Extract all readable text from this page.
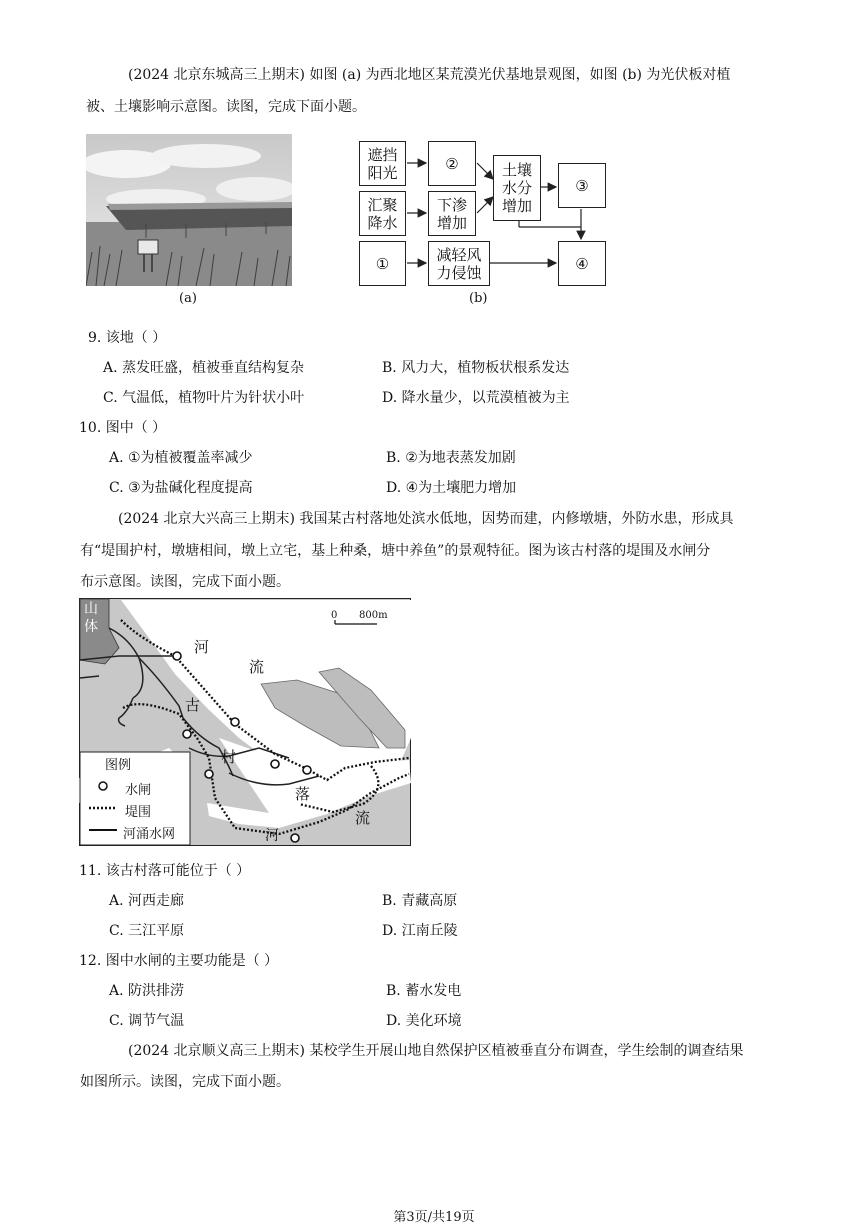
(2024 北京东城高三上期末) 如图 (a) 为西北地区某荒漠光伏基地景观图，如图 (b) 为光伏板对植
被、土壤影响示意图。读图，完成下面小题。
(a)
遮挡
阳光	②
汇聚
降水
下渗
增加
土壤
水分
增加
③
①	减轻风
力侵蚀	④
(b)
9. 该地（ ）
A. 蒸发旺盛，植被垂直结构复杂	B. 风力大，植物板状根系发达
C. 气温低，植物叶片为针状小叶	D. 降水量少，以荒漠植被为主
10. 图中（ ）
A. ①为植被覆盖率减少	B. ②为地表蒸发加剧
C. ③为盐碱化程度提高	D. ④为土壤肥力增加
(2024 北京大兴高三上期末) 我国某古村落地处滨水低地，因势而建，内修墩塘，外防水患，形成具
有“堤围护村，墩塘相间，墩上立宅，基上种桑，塘中养鱼”的景观特征。图为该古村落的堤围及水闸分
布示意图。读图，完成下面小题。
山
体
河
流
古
村
落
流
河
0 800m
图例
水闸
堤围
河涌水网
11. 该古村落可能位于（ ）
A. 河西走廊	B. 青藏高原
C. 三江平原	D. 江南丘陵
12. 图中水闸的主要功能是（ ）
A. 防洪排涝	B. 蓄水发电
C. 调节气温	D. 美化环境
(2024 北京顺义高三上期末) 某校学生开展山地自然保护区植被垂直分布调查，学生绘制的调查结果
如图所示。读图，完成下面小题。
第3页/共19页
